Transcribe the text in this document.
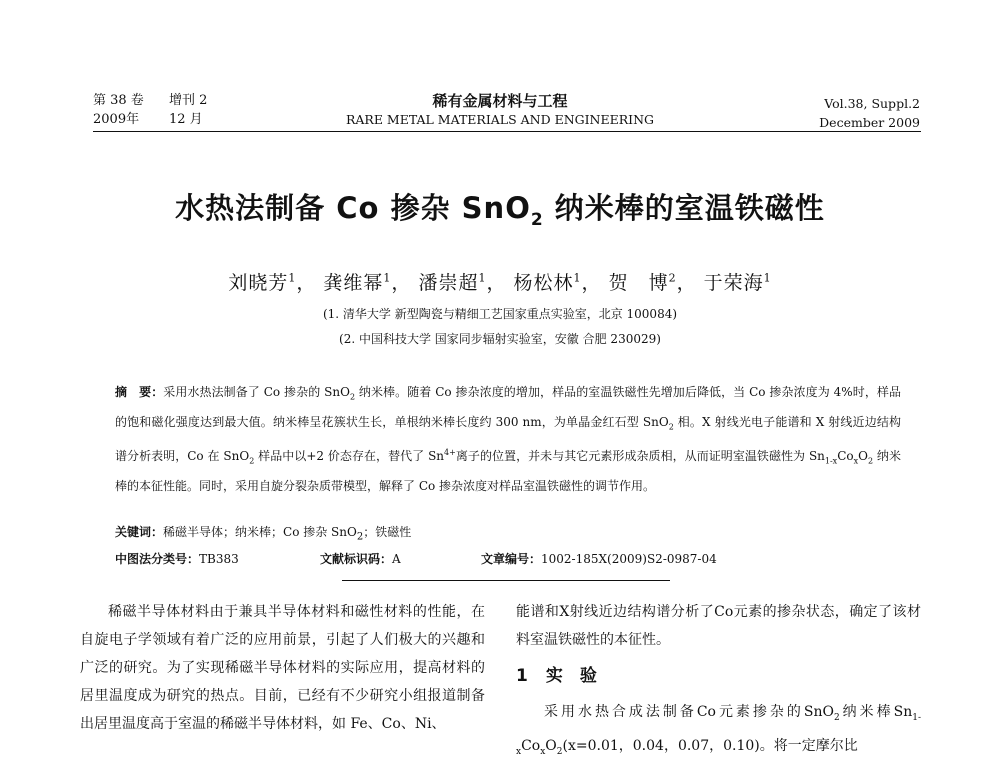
第 38 卷 增刊 2
2009年 12 月
稀有金属材料与工程
RARE METAL MATERIALS AND ENGINEERING
Vol.38, Suppl.2
December 2009
水热法制备 Co 掺杂 SnO$_2$ 纳米棒的室温铁磁性
刘晓芳$^1$， 龚维幂$^1$， 潘崇超$^1$， 杨松林$^1$， 贺　博$^2$， 于荣海$^1$
(1. 清华大学 新型陶瓷与精细工艺国家重点实验室，北京 100084)
(2. 中国科技大学 国家同步辐射实验室，安徽 合肥 230029)
摘　要：采用水热法制备了 Co 掺杂的 SnO$_2$ 纳米棒。随着 Co 掺杂浓度的增加，样品的室温铁磁性先增加后降低，当 Co 掺杂浓度为 4%时，样品的饱和磁化强度达到最大值。纳米棒呈花簇状生长，单根纳米棒长度约 300 nm，为单晶金红石型 SnO$_2$ 相。X 射线光电子能谱和 X 射线近边结构谱分析表明，Co 在 SnO$_2$ 样品中以+2 价态存在，替代了 $Sn^{4+}$离子的位置，并未与其它元素形成杂质相，从而证明室温铁磁性为 $Sn_{1-x}Co_xO_2$ 纳米棒的本征性能。同时，采用自旋分裂杂质带模型，解释了 Co 掺杂浓度对样品室温铁磁性的调节作用。
关键词：稀磁半导体；纳米棒；Co 掺杂 SnO$_2$；铁磁性
中图法分类号：TB383	文献标识码：A	文章编号：1002-185X(2009)S2-0987-04

稀磁半导体材料由于兼具半导体材料和磁性材料的性能，在自旋电子学领域有着广泛的应用前景，引起了人们极大的兴趣和广泛的研究。为了实现稀磁半导体材料的实际应用，提高材料的居里温度成为研究的热点。目前，已经有不少研究小组报道制备出居里温度高于室温的稀磁半导体材料，如 Fe、Co、Ni、

能谱和X射线近边结构谱分析了Co元素的掺杂状态，确定了该材料室温铁磁性的本征性。

1 实　验

采用水热合成法制备Co元素掺杂的SnO$_2$纳米棒$Sn_{1-x}Co_xO_2(x=0.01$，0.04，0.07，0.10)。将一定摩尔比
